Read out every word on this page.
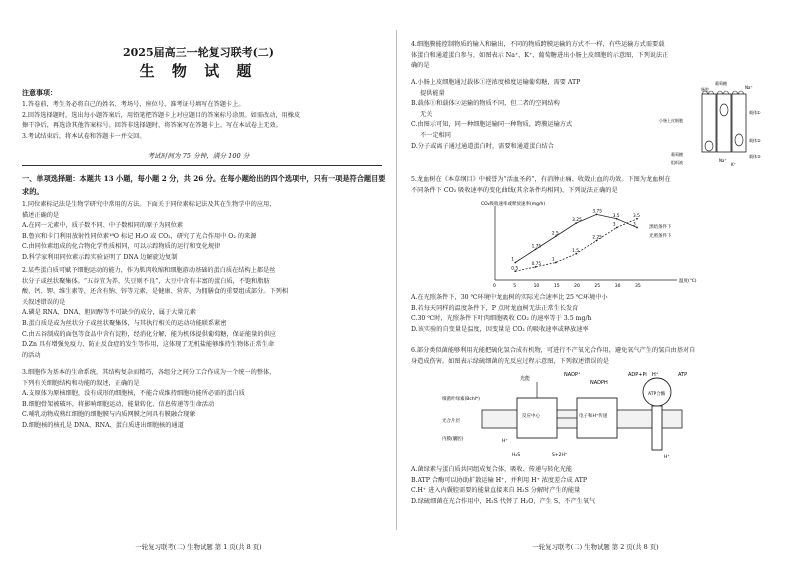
2025届高三一轮复习联考(二)
生 物 试 题
注意事项：
1.答卷前，考生务必将自己的姓名、考场号、座位号、准考证号填写在答题卡上。
2.回答选择题时，选出每小题答案后，用铅笔把答题卡上对应题目的答案标号涂黑。如需改动，用橡皮
擦干净后，再选涂其他答案标号。回答非选择题时，将答案写在答题卡上，写在本试卷上无效。
3.考试结束后，将本试卷和答题卡一并交回。
考试时间为 75 分钟，满分 100 分
一、单项选择题：本题共 13 小题，每小题 2 分，共 26 分。在每小题给出的四个选项中，只有一项是符合题目要求的。
1.同位素标记法是生物学研究中常用的方法。下面关于同位素标记法及其在生物学中的应用，
描述正确的是
A.在同一元素中，质子数不同、中子数相同的原子为同位素
B.鲁宾和卡门利用放射性同位素¹⁸O 标记 H₂O 或 CO₂，研究了光合作用中 O₂ 的来源
C.由同位素组成的化合物化学性质相同，可以示踪物质的运行和变化规律
D.科学家利用同位素示踪实验证明了 DNA 边解旋边复制
2.某些蛋白质可赋予细胞运动的能力，作为肌肉收缩和细胞游动基础的蛋白质在结构上都是丝
状分子或丝状聚集体。“五谷宜为养，失豆则不良”，大豆中含有丰富的蛋白质，不饱和脂肪
酸、钙、钾、维生素等，还含有钠、锌等元素，是健康、营养、为佣膳食的重要组成部分。下列相
关叙述错误的是
A.磷是 RNA、DNA、胆固醇等不可缺少的成分，属于大量元素
B.蛋白质是或为丝状分子或丝状聚集体，与其执行相关的运动功能联系紧密
C.由五谷制成的面包等食品中含有淀粉，经消化分解，能为机体提供葡萄糖，保证能量的供应
D.Zn 具有增强免疫力、防止反食症的发生等作用，这体现了无机盐能够维持生物体正常生命
的活动
3.细胞作为基本的生命系统，其结构复杂而精巧，各组分之间分工合作成为一个统一的整体，
下列有关细胞结构和功能的叙述，正确的是
A.支原体为原核细胞，没有成形的细胞核，不能合成维持细胞功能所必需的蛋白质
B.细胞骨架被破坏，将影响细胞运动、能量转化、信息传递等生命活动
C.哺乳动物成熟红细胞的细胞膜与内质网膜之间具有膜融合现象
D.细胞核的核孔是 DNA、RNA、蛋白质进出细胞核的通道
一轮复习联考(二) 生物试题 第 1 页(共 8 页)
4.细胞膜能控制物质的输入和输出，不同的物质跨膜运输的方式不一样，有些运输方式需要载
体蛋白和通道蛋白参与，如图表示 Na⁺、K⁺、葡萄糖进出小肠上皮细胞的示意图，下列说法正
确的是
A.小肠上皮细胞通过载体①逆浓度梯度运输葡萄糖，需要 ATP
提供能量
B.载体①和载体②运输的物质不同，但二者的空间结构
无关
C.由图示可知，同一种细胞运输同一种物质，跨膜运输方式
不一定相同
D.分子或离子通过通道蛋白时，需要和通道蛋白结合
葡萄糖
肠腔	Na⁺
载体①
小肠上皮细胞
载体②
葡萄糖
组织液	Na⁺
K⁺
载体③
5.龙血树在《本草纲目》中被誉为“活血圣药”，有消肿止痛、收敛止血的功效。下图为龙血树在
不同条件下 CO₂ 吸收速率的变化曲线(其余条件均相同)，下列说法正确的是
CO₂吸收速率或释放速率(mg/h)
温度(℃)
0	5	10	15	20	25	30	35
1
1.75
2.5
3.25
3.75
3.5
3
0.5
0.75
1
1.5
2.25
3
3.5
黑暗条件下
光照条件下
A.在光照条件下，30 ℃环境中龙血树的实际光合速率比 25 ℃环境中小
B.若每天同样的温度条件下，P 点时龙血树无法正常生长发育
C.30 ℃时，光照条件下叶肉细胞吸收 CO₂ 的速率等于 3.5 mg/h
D.该实验的自变量是温度，因变量是 CO₂ 的吸收速率或释放速率
6.部分类似菌能够利用光能把硫化氢合成有机物，可进行不产氧光合作用，避免氧气产生的氢自由基对自
身造成伤害。如图表示绿硫细菌的光反应过程示意图，下列叙述错误的是
光能
NADP⁺
NADPH
ADP+Pi H⁺	ATP
细菌叶绿素(Bchl*)
光合片层
反应中心	电子和H⁺传递
ATP合酶
内膜(囊腔)	H⁺
H₂S	S+2H⁺	H⁺
A.菌绿素与蛋白质共同组成复合体，吸收、传递与转化光能
B.ATP 合酶可以协助扩散运输 H⁺，并利用 H⁺ 浓度差合成 ATP
C.H⁺ 进入内囊腔需要的能量直接来自 H₂S 分解时产生的能量
D.绿硫细菌在光合作用中，H₂S 代替了 H₂O，产生 S，不产生氧气
一轮复习联考(二) 生物试题 第 2 页(共 8 页)
